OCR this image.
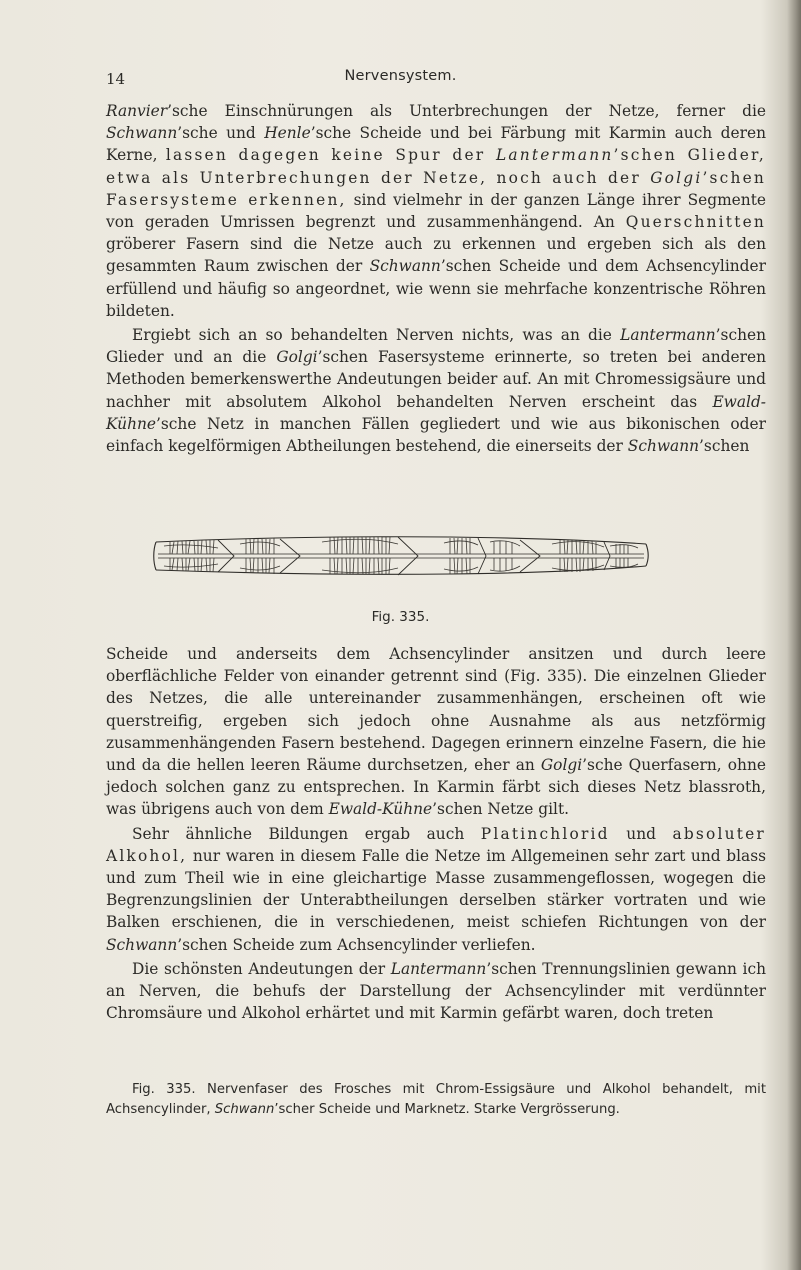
14	Nervensystem.

Ranvier’sche Einschnürungen als Unterbrechungen der Netze, ferner die Schwann’sche und Henle’sche Scheide und bei Färbung mit Karmin auch deren Kerne, lassen dagegen keine Spur der Lantermann’schen Glieder, etwa als Unterbrechungen der Netze, noch auch der Golgi’schen Fasersysteme erkennen, sind vielmehr in der ganzen Länge ihrer Segmente von geraden Umrissen begrenzt und zusammenhängend. An Querschnitten gröberer Fasern sind die Netze auch zu erkennen und ergeben sich als den gesammten Raum zwischen der Schwann’schen Scheide und dem Achsencylinder erfüllend und häufig so angeordnet, wie wenn sie mehrfache konzentrische Röhren bildeten.

Ergiebt sich an so behandelten Nerven nichts, was an die Lantermann’schen Glieder und an die Golgi’schen Fasersysteme erinnerte, so treten bei anderen Methoden bemerkenswerthe Andeutungen beider auf. An mit Chromessigsäure und nachher mit absolutem Alkohol behandelten Nerven erscheint das Ewald-Kühne’sche Netz in manchen Fällen gegliedert und wie aus bikonischen oder einfach kegelförmigen Abtheilungen bestehend, die einerseits der Schwann’schen

Fig. 335.

Scheide und anderseits dem Achsencylinder ansitzen und durch leere oberflächliche Felder von einander getrennt sind (Fig. 335). Die einzelnen Glieder des Netzes, die alle untereinander zusammenhängen, erscheinen oft wie querstreifig, ergeben sich jedoch ohne Ausnahme als aus netzförmig zusammenhängenden Fasern bestehend. Dagegen erinnern einzelne Fasern, die hie und da die hellen leeren Räume durchsetzen, eher an Golgi’sche Querfasern, ohne jedoch solchen ganz zu entsprechen. In Karmin färbt sich dieses Netz blassroth, was übrigens auch von dem Ewald-Kühne’schen Netze gilt.

Sehr ähnliche Bildungen ergab auch Platinchlorid und absoluter Alkohol, nur waren in diesem Falle die Netze im Allgemeinen sehr zart und blass und zum Theil wie in eine gleichartige Masse zusammengeflossen, wogegen die Begrenzungslinien der Unterabtheilungen derselben stärker vortraten und wie Balken erschienen, die in verschiedenen, meist schiefen Richtungen von der Schwann’schen Scheide zum Achsencylinder verliefen.

Die schönsten Andeutungen der Lantermann’schen Trennungslinien gewann ich an Nerven, die behufs der Darstellung der Achsencylinder mit verdünnter Chromsäure und Alkohol erhärtet und mit Karmin gefärbt waren, doch treten

Fig. 335. Nervenfaser des Frosches mit Chrom-Essigsäure und Alkohol behandelt, mit Achsencylinder, Schwann’scher Scheide und Marknetz. Starke Vergrösserung.
